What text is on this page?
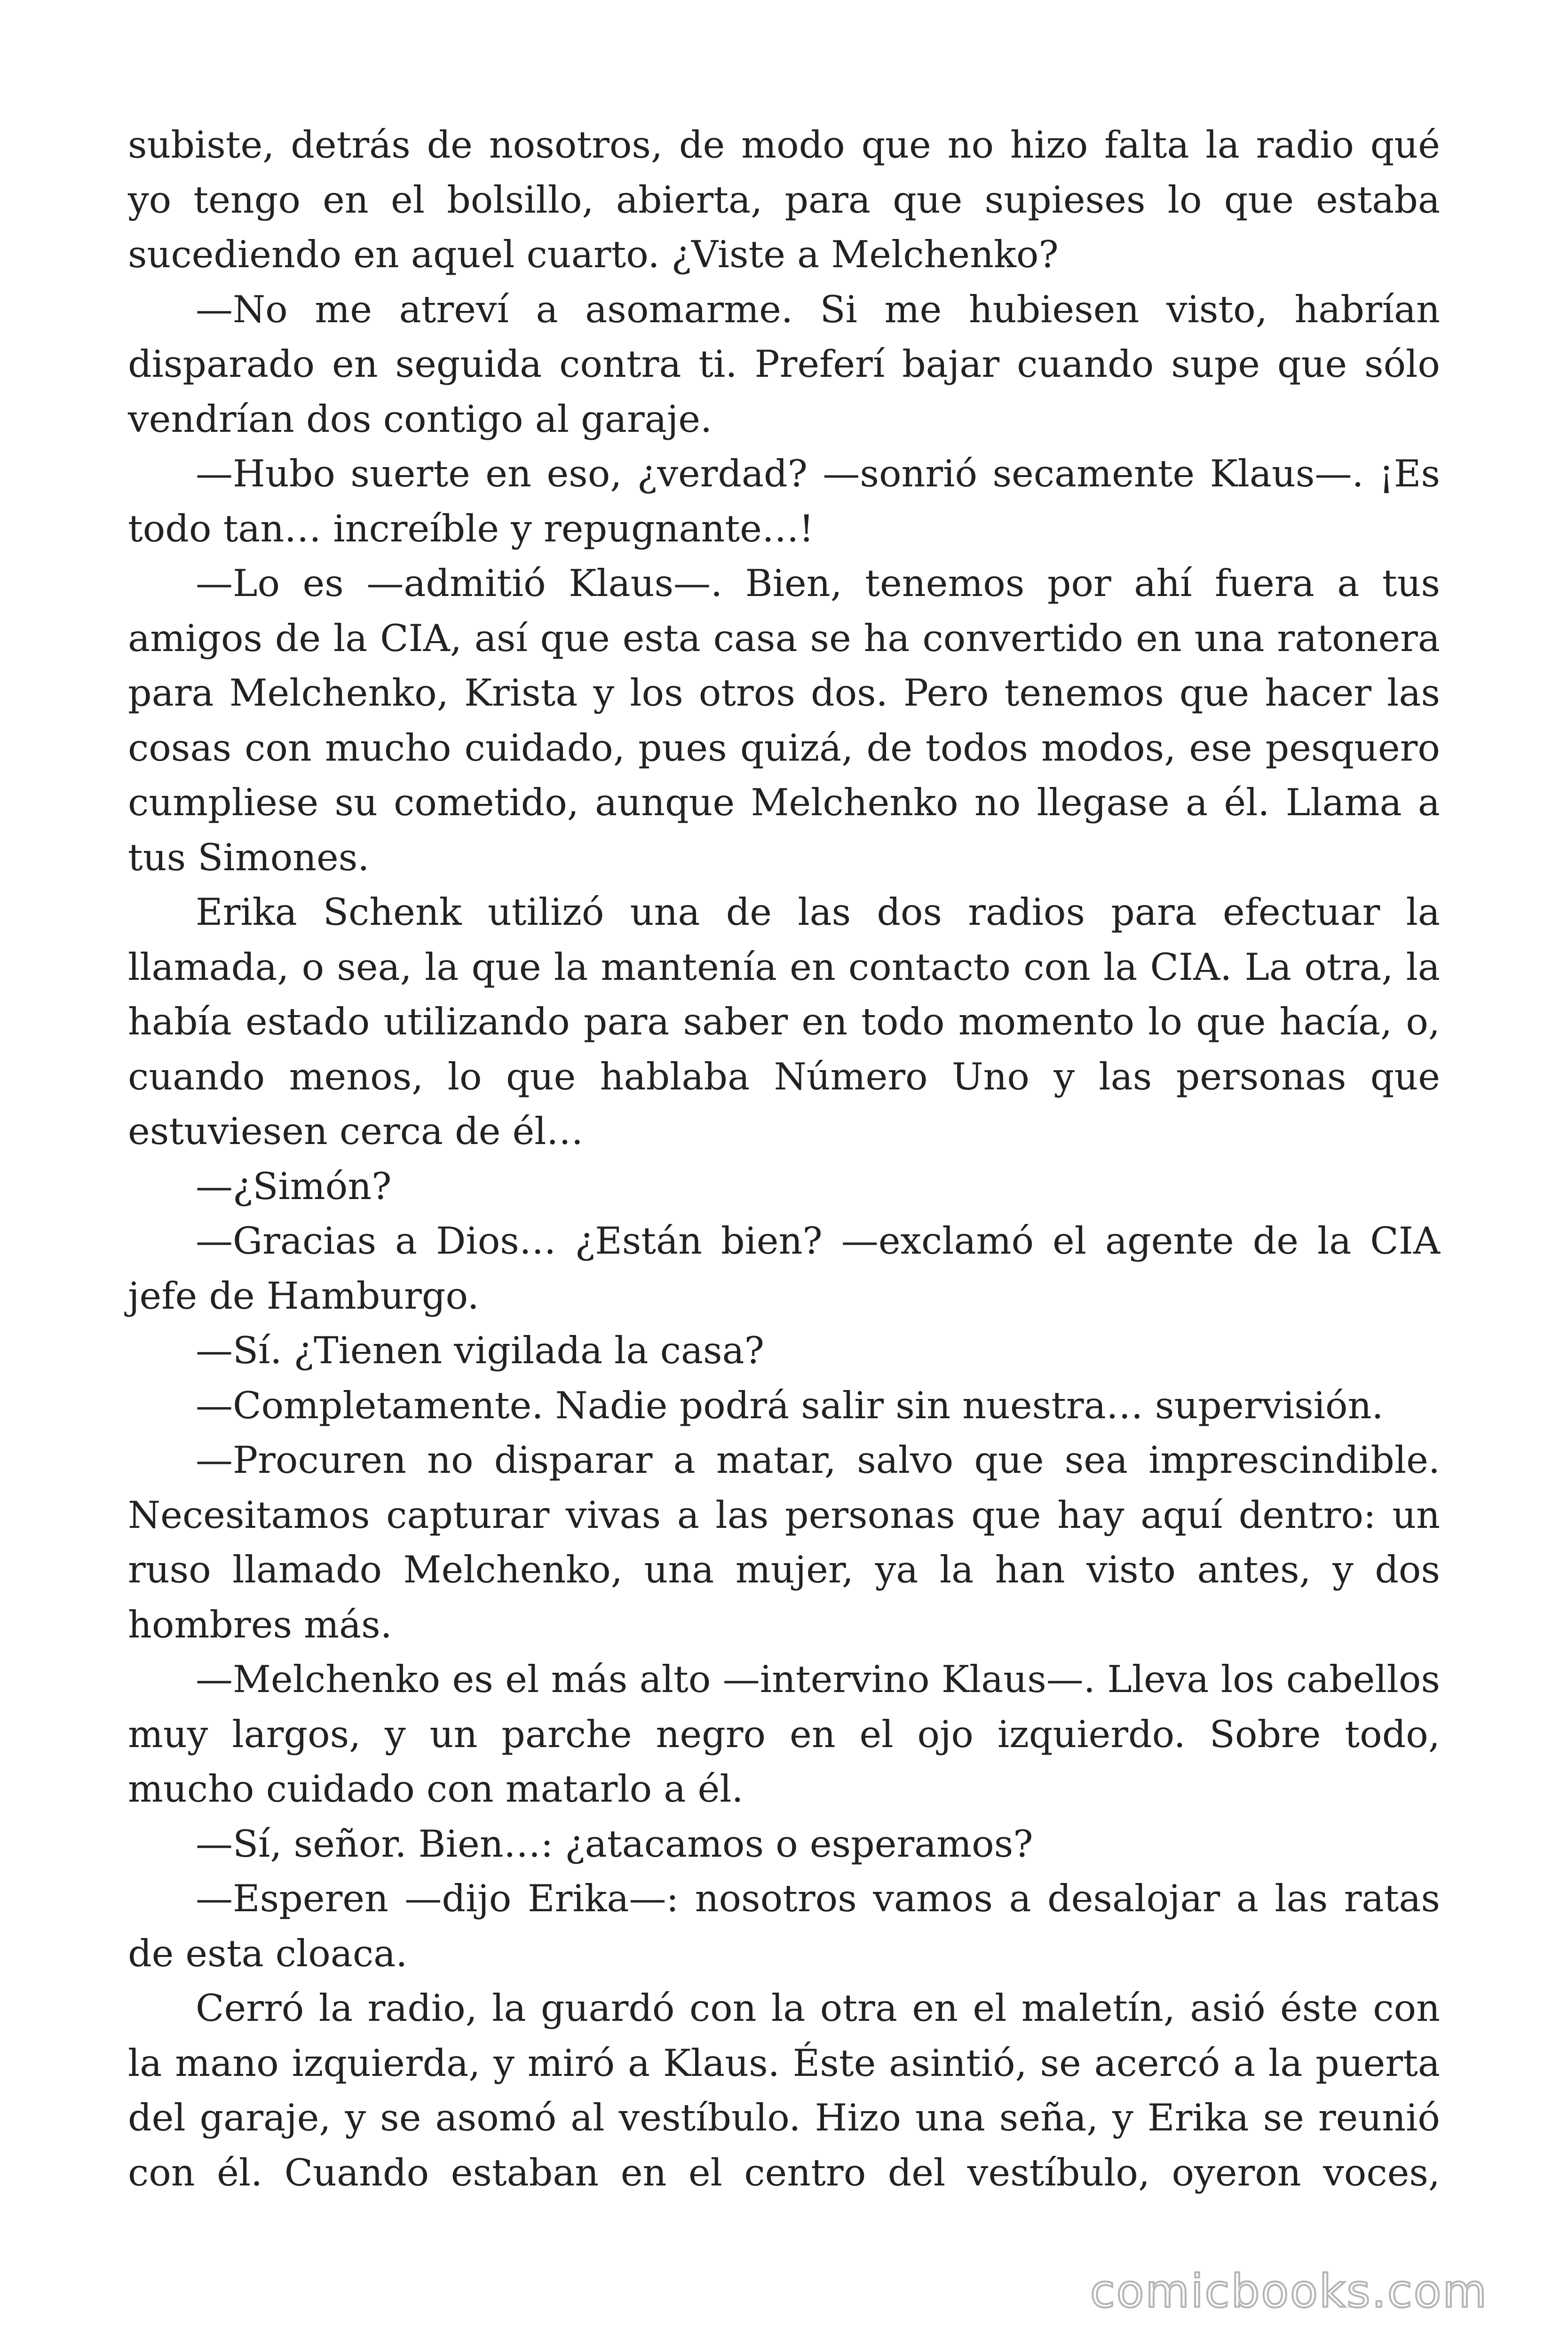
subiste, detrás de nosotros, de modo que no hizo falta la radio qué yo tengo en el bolsillo, abierta, para que supieses lo que estaba sucediendo en aquel cuarto. ¿Viste a Melchenko?

—No me atreví a asomarme. Si me hubiesen visto, habrían disparado en seguida contra ti. Preferí bajar cuando supe que sólo vendrían dos contigo al garaje.

—Hubo suerte en eso, ¿verdad? —sonrió secamente Klaus—. ¡Es todo tan… increíble y repugnante…!

—Lo es —admitió Klaus—. Bien, tenemos por ahí fuera a tus amigos de la CIA, así que esta casa se ha convertido en una ratonera para Melchenko, Krista y los otros dos. Pero tenemos que hacer las cosas con mucho cuidado, pues quizá, de todos modos, ese pesquero cumpliese su cometido, aunque Melchenko no llegase a él. Llama a tus Simones.

Erika Schenk utilizó una de las dos radios para efectuar la llamada, o sea, la que la mantenía en contacto con la CIA. La otra, la había estado utilizando para saber en todo momento lo que hacía, o, cuando menos, lo que hablaba Número Uno y las personas que estuviesen cerca de él…

—¿Simón?

—Gracias a Dios… ¿Están bien? —exclamó el agente de la CIA jefe de Hamburgo.

—Sí. ¿Tienen vigilada la casa?

—Completamente. Nadie podrá salir sin nuestra… supervisión.

—Procuren no disparar a matar, salvo que sea imprescindible. Necesitamos capturar vivas a las personas que hay aquí dentro: un ruso llamado Melchenko, una mujer, ya la han visto antes, y dos hombres más.

—Melchenko es el más alto —intervino Klaus—. Lleva los cabellos muy largos, y un parche negro en el ojo izquierdo. Sobre todo, mucho cuidado con matarlo a él.

—Sí, señor. Bien…: ¿atacamos o esperamos?

—Esperen —dijo Erika—: nosotros vamos a desalojar a las ratas de esta cloaca.

Cerró la radio, la guardó con la otra en el maletín, asió éste con la mano izquierda, y miró a Klaus. Éste asintió, se acercó a la puerta del garaje, y se asomó al vestíbulo. Hizo una seña, y Erika se reunió con él. Cuando estaban en el centro del vestíbulo, oyeron voces,

comicbooks.com
